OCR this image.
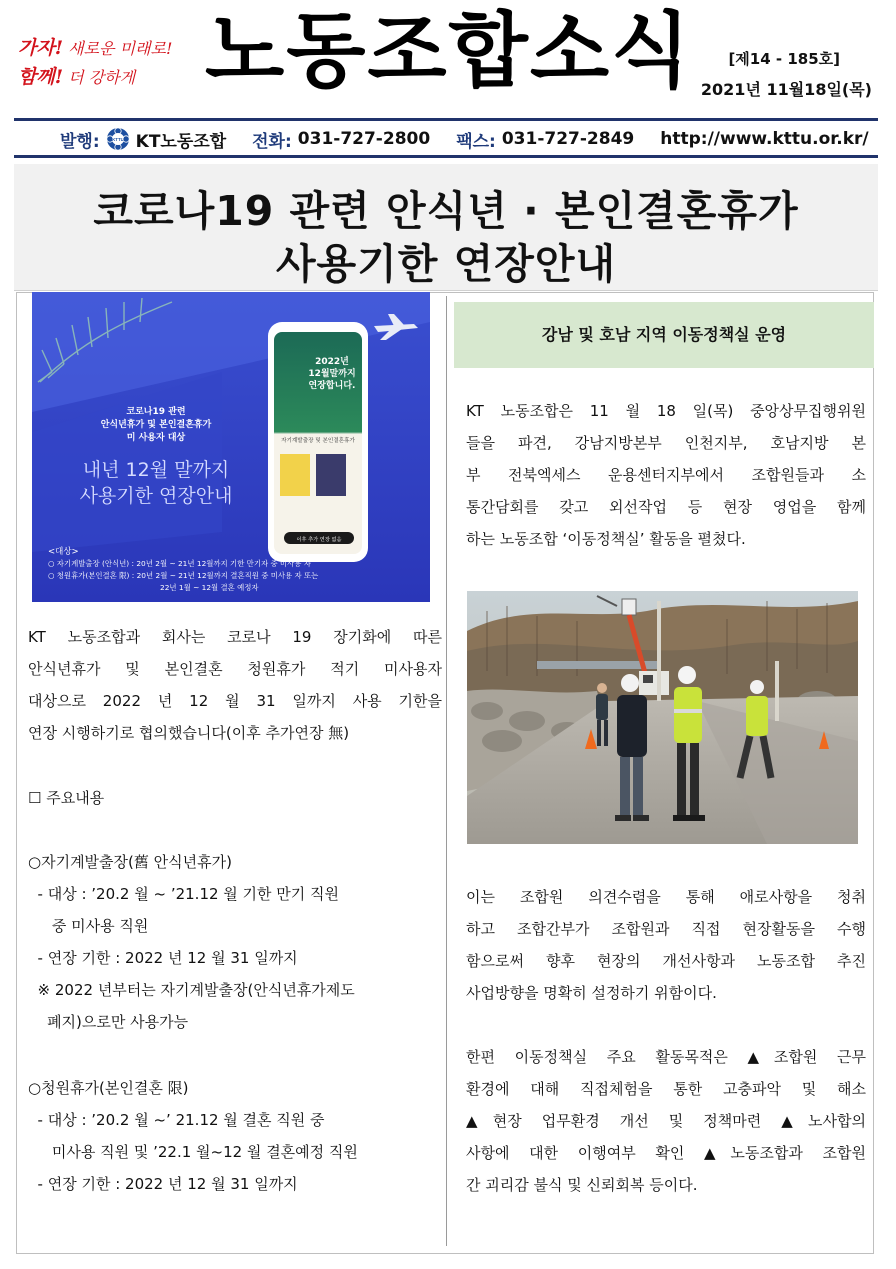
가자! 새로운 미래로!
함께! 더 강하게 노동조합소식 [제14 - 185호]
2021년 11월18일(목)
발행:	KTTU KT노동조합 전화: 031-727-2800 팩스: 031-727-2849 http://www.kttu.or.kr/
코로나19 관련 안식년 · 본인결혼휴가
사용기한 연장안내
2022년
12월말까지
연장합니다.
자기계발출장 및 본인결혼휴가
이후 추가 연장 없음
코로나19 관련
안식년휴가 및 본인결혼휴가
미 사용자 대상
내년 12월 말까지
사용기한 연장안내
<대상>
○ 자기계발출장 (안식년) : 20년 2월 ~ 21년 12월까지 기한 만기자 중 미사용 자
○ 청원휴가(본인결혼 限) : 20년 2월 ~ 21년 12월까지 결혼직원 중 미사용 자 또는
22년 1월 ~ 12월 결혼 예정자
KT 노동조합과 회사는 코로나 19 장기화에 따른
안식년휴가 및 본인결혼 청원휴가 적기 미사용자
대상으로 2022 년 12 월 31 일까지 사용 기한을
연장 시행하기로 협의했습니다(이후 추가연장 無)
☐ 주요내용
○자기계발출장(舊 안식년휴가)
- 대상 : ’20.2 월 ~ ’21.12 월 기한 만기 직원
중 미사용 직원
- 연장 기한 : 2022 년 12 월 31 일까지
※ 2022 년부터는 자기계발출장(안식년휴가제도
폐지)으로만 사용가능
○청원휴가(본인결혼 限)
- 대상 : ’20.2 월 ~’ 21.12 월 결혼 직원 중
미사용 직원 및 ’22.1 월~12 월 결혼예정 직원
- 연장 기한 : 2022 년 12 월 31 일까지
강남 및 호남 지역 이동정책실 운영
KT 노동조합은 11 월 18 일(목) 중앙상무집행위원
들을 파견, 강남지방본부 인천지부, 호남지방 본
부 전북엑세스 운용센터지부에서 조합원들과 소
통간담회를 갖고 외선작업 등 현장 영업을 함께
하는 노동조합 ‘이동정책실’ 활동을 펼쳤다.
이는 조합원 의견수렴을 통해 애로사항을 청취
하고 조합간부가 조합원과 직접 현장활동을 수행
함으로써 향후 현장의 개선사항과 노동조합 추진
사업방향을 명확히 설정하기 위함이다.
한편 이동정책실 주요 활동목적은 ▲조합원 근무
환경에 대해 직접체험을 통한 고충파악 및 해소
▲현장 업무환경 개선 및 정책마련 ▲노사합의
사항에 대한 이행여부 확인 ▲노동조합과 조합원
간 괴리감 불식 및 신뢰회복 등이다.
